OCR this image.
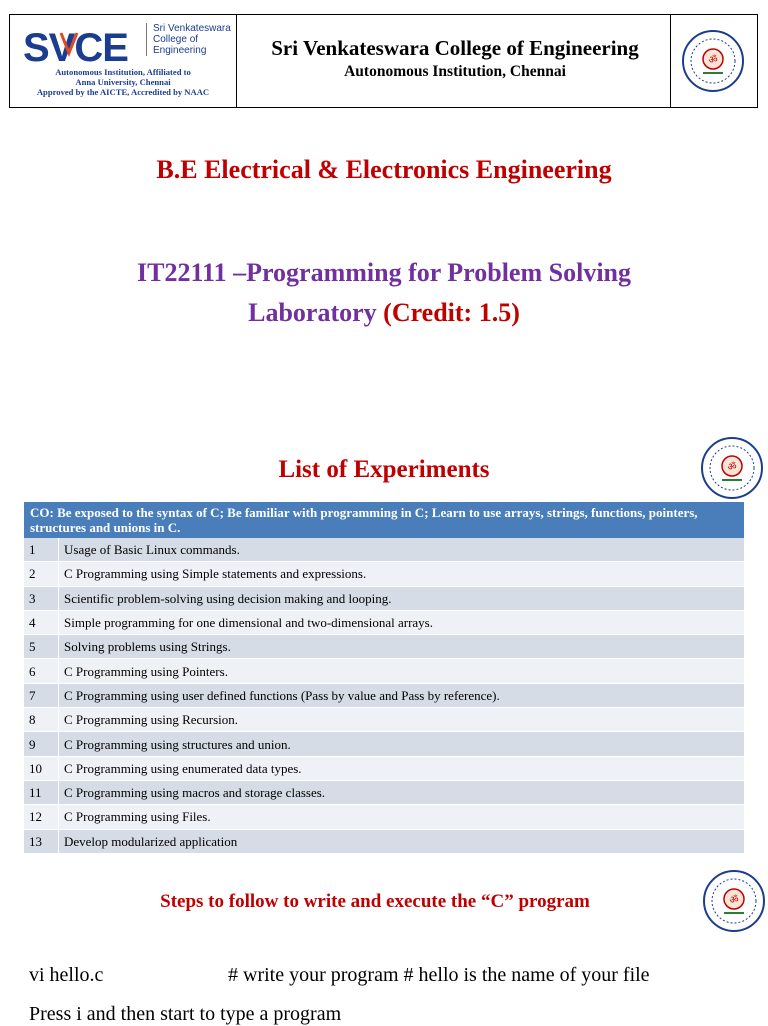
SVCE	Sri Venkateswara
College of
Engineering
Autonomous Institution, Affiliated to
Anna University, Chennai
Approved by the AICTE, Accredited by NAAC
Sri Venkateswara College of Engineering
Autonomous Institution, Chennai
ॐ
B.E Electrical & Electronics Engineering
IT22111 –Programming for Problem Solving
Laboratory (Credit: 1.5)
List of Experiments	ॐ
CO: Be exposed to the syntax of C; Be familiar with programming in C; Learn to use arrays, strings, functions, pointers, structures and unions in C.	
1	Usage of Basic Linux commands.
2	C Programming using Simple statements and expressions.
3	Scientific problem-solving using decision making and looping.
4	Simple programming for one dimensional and two-dimensional arrays.
5	Solving problems using Strings.
6	C Programming using Pointers.
7	C Programming using user defined functions (Pass by value and Pass by reference).
8	C Programming using Recursion.
9	C Programming using structures and union.
10	C Programming using enumerated data types.
11	C Programming using macros and storage classes.
12	C Programming using Files.
13	Develop modularized application
Steps to follow to write and execute the “C” program	ॐ
vi hello.c	# write your program # hello is the name of your file
Press i and then start to type a program
